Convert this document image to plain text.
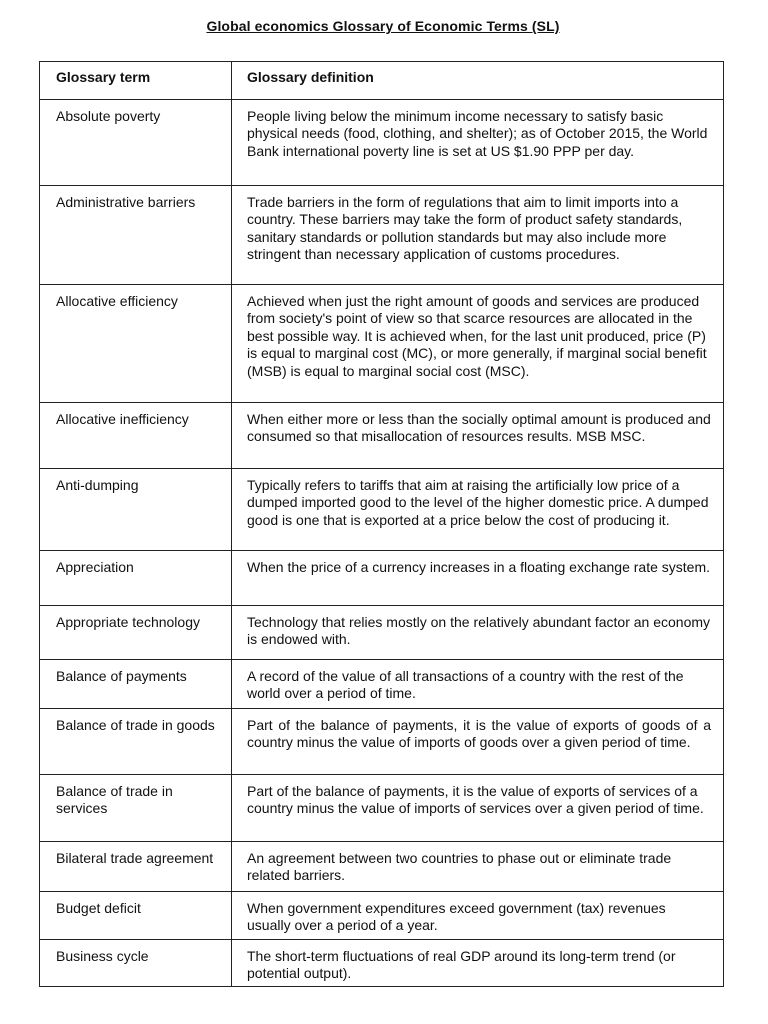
Global economics Glossary of Economic Terms (SL)
Glossary term	Glossary definition

Absolute poverty	People living below the minimum income necessary to satisfy basic physical needs (food, clothing, and shelter); as of October 2015, the World Bank international poverty line is set at US $1.90 PPP per day.

Administrative barriers	Trade barriers in the form of regulations that aim to limit imports into a country. These barriers may take the form of product safety standards, sanitary standards or pollution standards but may also include more stringent than necessary application of customs procedures.

Allocative efficiency	Achieved when just the right amount of goods and services are produced from society's point of view so that scarce resources are allocated in the best possible way. It is achieved when, for the last unit produced, price (P) is equal to marginal cost (MC), or more generally, if marginal social benefit (MSB) is equal to marginal social cost (MSC).

Allocative inefficiency	When either more or less than the socially optimal amount is produced and consumed so that misallocation of resources results. MSB MSC.

Anti-dumping	Typically refers to tariffs that aim at raising the artificially low price of a dumped imported good to the level of the higher domestic price. A dumped good is one that is exported at a price below the cost of producing it.

Appreciation	When the price of a currency increases in a floating exchange rate system.

Appropriate technology	Technology that relies mostly on the relatively abundant factor an economy is endowed with.

Balance of payments	A record of the value of all transactions of a country with the rest of the world over a period of time.

Balance of trade in goods	Part of the balance of payments, it is the value of exports of goods of a country minus the value of imports of goods over a given period of time.

Balance of trade in services	Part of the balance of payments, it is the value of exports of services of a country minus the value of imports of services over a given period of time.

Bilateral trade agreement	An agreement between two countries to phase out or eliminate trade related barriers.

Budget deficit	When government expenditures exceed government (tax) revenues usually over a period of a year.

Business cycle	The short-term fluctuations of real GDP around its long-term trend (or potential output).
